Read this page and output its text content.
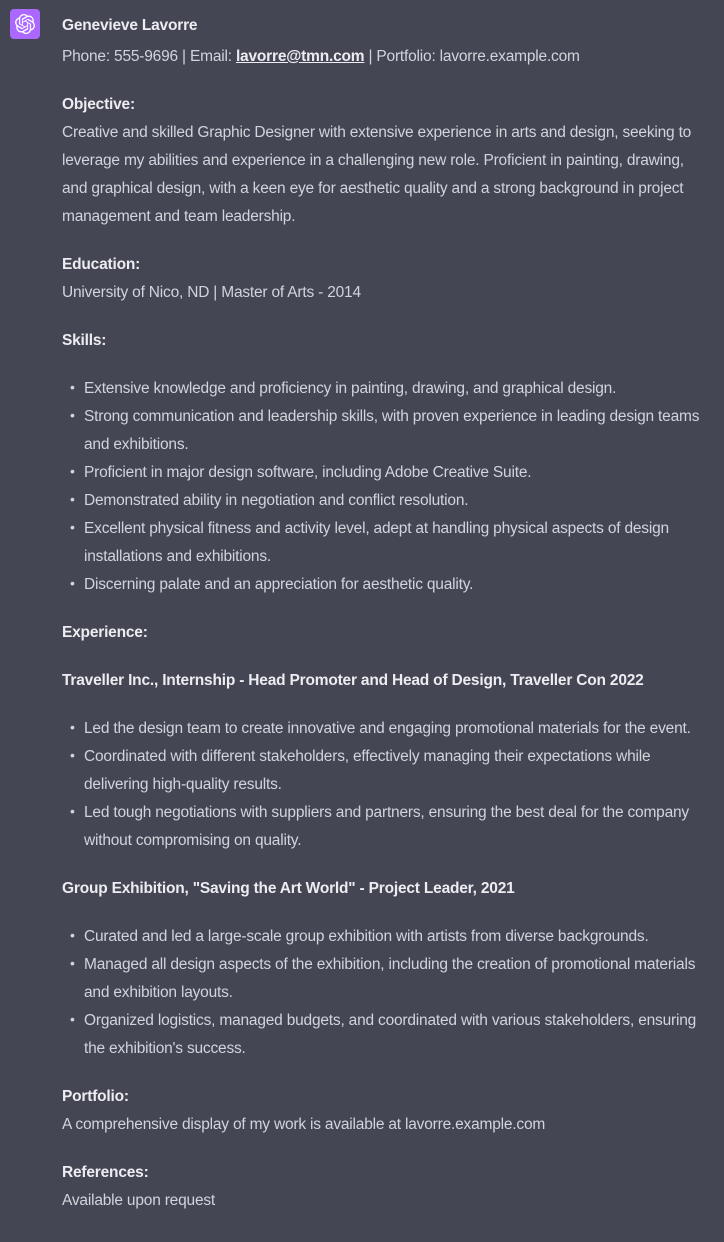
Genevieve Lavorre

Phone: 555-9696 | Email: lavorre@tmn.com | Portfolio: lavorre.example.com

Objective:
Creative and skilled Graphic Designer with extensive experience in arts and design, seeking to leverage my abilities and experience in a challenging new role. Proficient in painting, drawing, and graphical design, with a keen eye for aesthetic quality and a strong background in project management and team leadership.

Education:
University of Nico, ND | Master of Arts - 2014

Skills:

• Extensive knowledge and proficiency in painting, drawing, and graphical design.
• Strong communication and leadership skills, with proven experience in leading design teams and exhibitions.
• Proficient in major design software, including Adobe Creative Suite.
• Demonstrated ability in negotiation and conflict resolution.
• Excellent physical fitness and activity level, adept at handling physical aspects of design installations and exhibitions.
• Discerning palate and an appreciation for aesthetic quality.

Experience:

Traveller Inc., Internship - Head Promoter and Head of Design, Traveller Con 2022

• Led the design team to create innovative and engaging promotional materials for the event.
• Coordinated with different stakeholders, effectively managing their expectations while delivering high-quality results.
• Led tough negotiations with suppliers and partners, ensuring the best deal for the company without compromising on quality.

Group Exhibition, "Saving the Art World" - Project Leader, 2021

• Curated and led a large-scale group exhibition with artists from diverse backgrounds.
• Managed all design aspects of the exhibition, including the creation of promotional materials and exhibition layouts.
• Organized logistics, managed budgets, and coordinated with various stakeholders, ensuring the exhibition's success.

Portfolio:
A comprehensive display of my work is available at lavorre.example.com

References:
Available upon request
